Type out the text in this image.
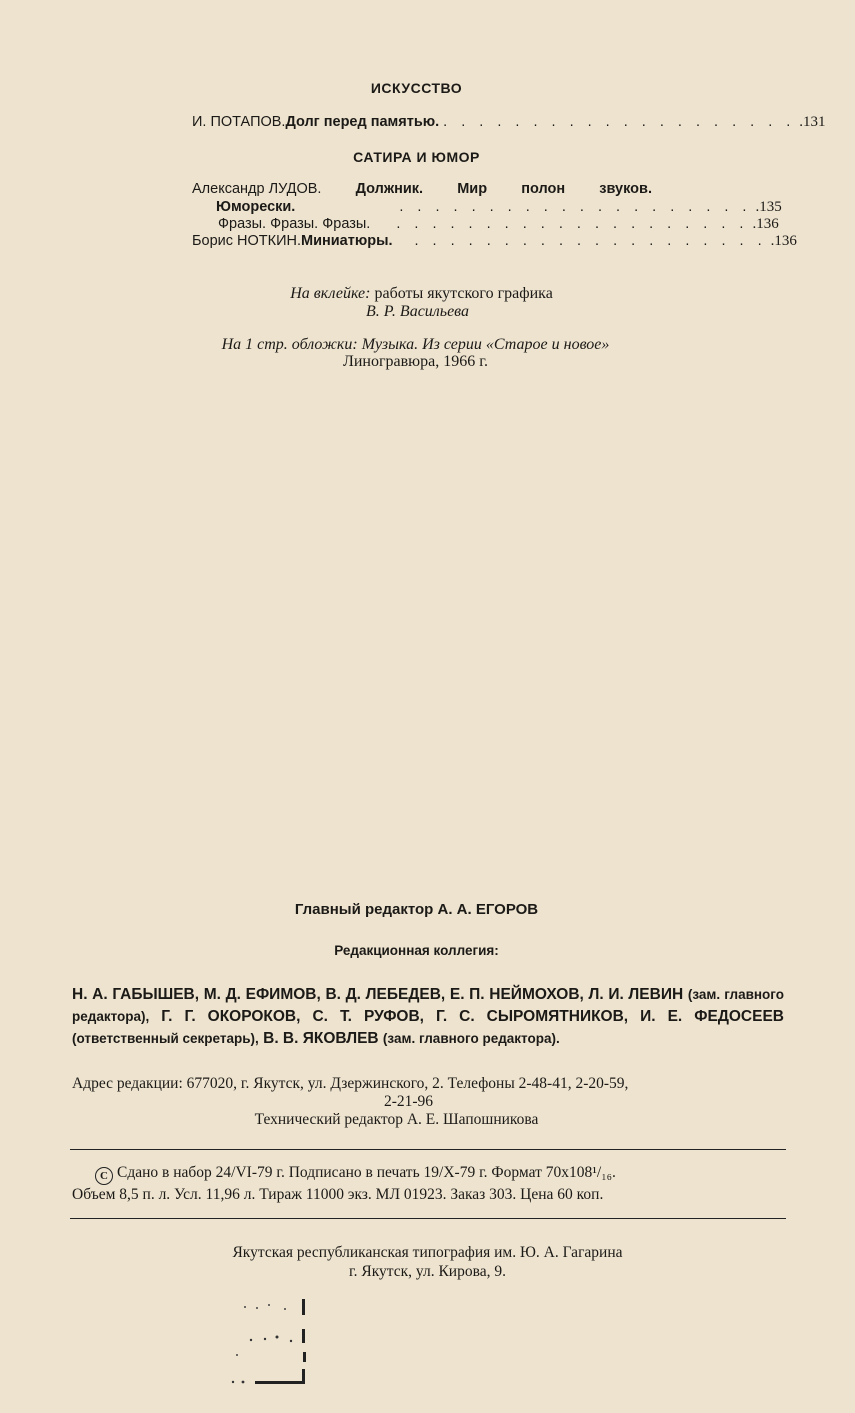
ИСКУССТВО
И. ПОТАПОВ. Долг перед памятью. . . . . . . . . . . . . . . . . . . . . .131
САТИРА И ЮМОР
Александр ЛУДОВ. Должник. Мир полон звуков.
Юморески.	. . . . . . . . . . . . . . . . . . . . .135
Фразы. Фразы. Фразы.	. . . . . . . . . . . . . . . . . . . . .136
Борис НОТКИН. Миниатюры.	. . . . . . . . . . . . . . . . . . . . .136
На вклейке: работы якутского графика
В. Р. Васильева
На 1 стр. обложки: Музыка. Из серии «Старое и новое»
Линогравюра, 1966 г.
Главный редактор А. А. ЕГОРОВ
Редакционная коллегия:
Н. А. ГАБЫШЕВ, М. Д. ЕФИМОВ, В. Д. ЛЕБЕДЕВ, Е. П. НЕЙМОХОВ, Л. И. ЛЕВИН (зам. главного редактора), Г. Г. ОКОРОКОВ, С. Т. РУФОВ, Г. С. СЫРОМЯТНИКОВ, И. Е. ФЕДОСЕЕВ (ответственный секретарь), В. В. ЯКОВЛЕВ (зам. главного редактора).
Адрес редакции: 677020, г. Якутск, ул. Дзержинского, 2. Телефоны 2-48-41, 2-20-59,
2-21-96
Технический редактор А. Е. Шапошникова
C Сдано в набор 24/VI-79 г. Подписано в печать 19/X-79 г. Формат 70x108¹/₁₆.
Объем 8,5 п. л. Усл. 11,96 л. Тираж 11000 экз. МЛ 01923. Заказ 303. Цена 60 коп.
Якутская республиканская типография им. Ю. А. Гагарина
г. Якутск, ул. Кирова, 9.
